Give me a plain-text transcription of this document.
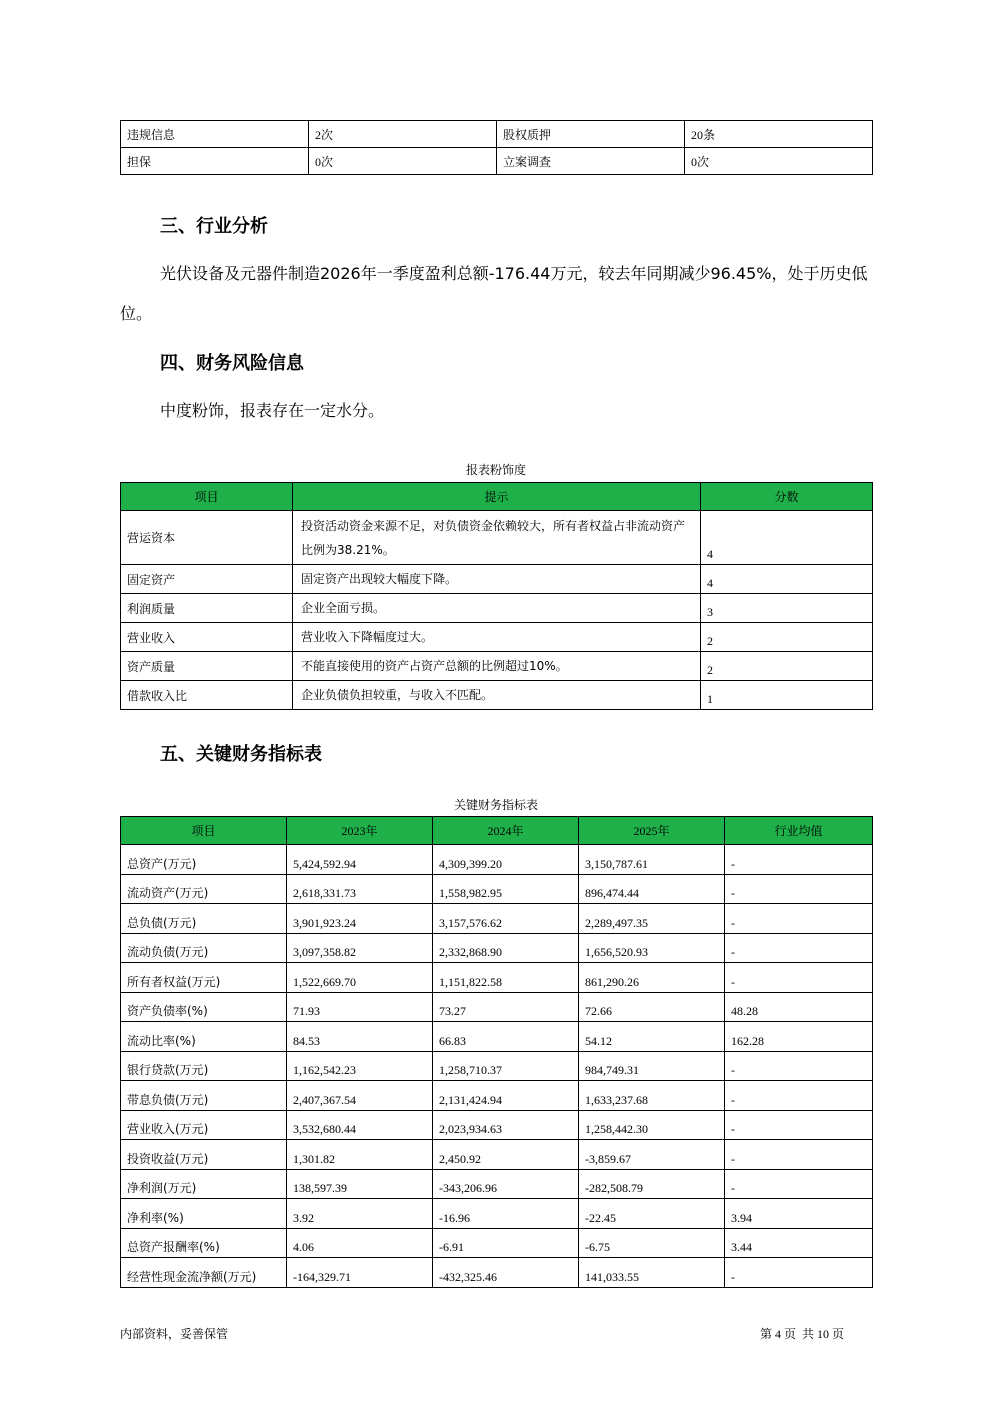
违规信息	2次	股权质押	20条
担保	0次	立案调查	0次
三、行业分析

光伏设备及元器件制造2026年一季度盈利总额-176.44万元，较去年同期减少96.45%，处于历史低位。

四、财务风险信息

中度粉饰，报表存在一定水分。

报表粉饰度
项目	提示	分数
营运资本	投资活动资金来源不足，对负债资金依赖较大，所有者权益占非流动资产比例为38.21%。	4
固定资产	固定资产出现较大幅度下降。	4
利润质量	企业全面亏损。	3
营业收入	营业收入下降幅度过大。	2
资产质量	不能直接使用的资产占资产总额的比例超过10%。	2
借款收入比	企业负债负担较重，与收入不匹配。	1
五、关键财务指标表
关键财务指标表
项目	2023年	2024年	2025年	行业均值
总资产(万元)	5,424,592.94	4,309,399.20	3,150,787.61	-
流动资产(万元)	2,618,331.73	1,558,982.95	896,474.44	-
总负债(万元)	3,901,923.24	3,157,576.62	2,289,497.35	-
流动负债(万元)	3,097,358.82	2,332,868.90	1,656,520.93	-
所有者权益(万元)	1,522,669.70	1,151,822.58	861,290.26	-
资产负债率(%)	71.93	73.27	72.66	48.28
流动比率(%)	84.53	66.83	54.12	162.28
银行贷款(万元)	1,162,542.23	1,258,710.37	984,749.31	-
带息负债(万元)	2,407,367.54	2,131,424.94	1,633,237.68	-
营业收入(万元)	3,532,680.44	2,023,934.63	1,258,442.30	-
投资收益(万元)	1,301.82	2,450.92	-3,859.67	-
净利润(万元)	138,597.39	-343,206.96	-282,508.79	-
净利率(%)	3.92	-16.96	-22.45	3.94
总资产报酬率(%)	4.06	-6.91	-6.75	3.44
经营性现金流净额(万元)	-164,329.71	-432,325.46	141,033.55	-
内部资料，妥善保管	第 4 页  共 10 页
